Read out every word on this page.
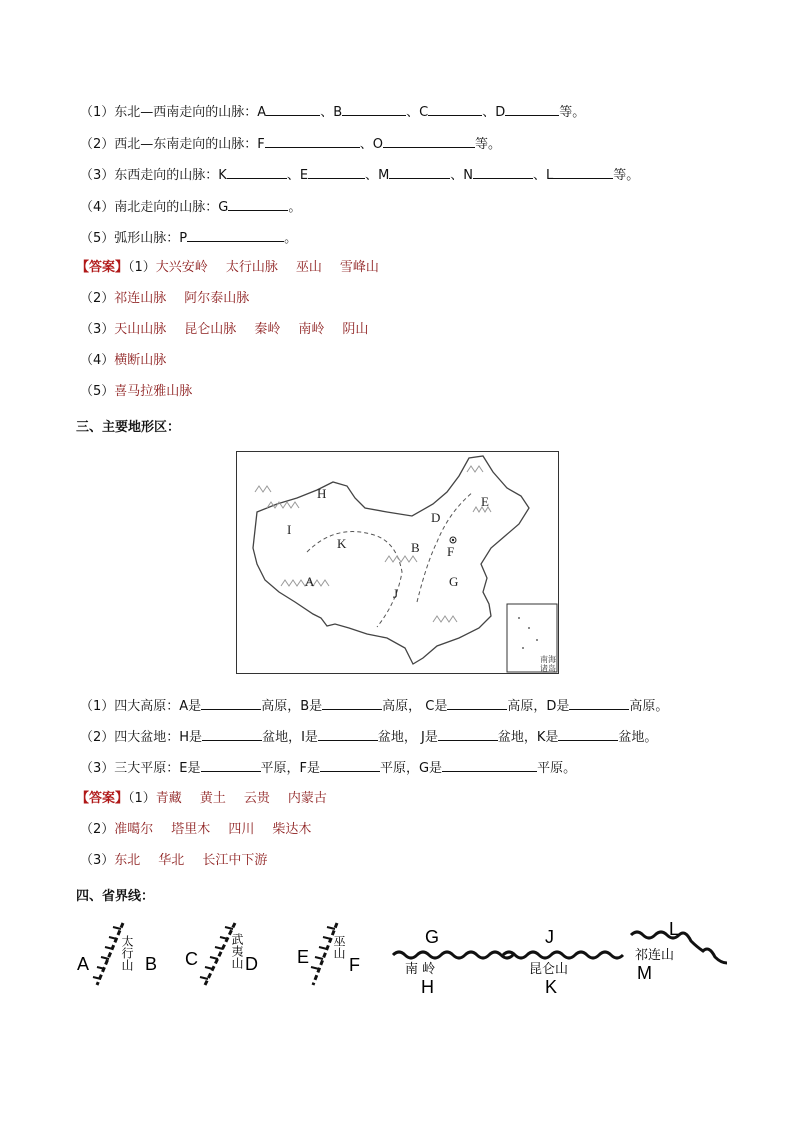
（1）东北—西南走向的山脉：A	、B	、C	、D	等。
（2）西北—东南走向的山脉：F	、O	等。
（3）东西走向的山脉：K	、E	、M	、N	、L	等。
（4）南北走向的山脉：G	。
（5）弧形山脉：P	。
【答案】（1）大兴安岭 太行山脉 巫山 雪峰山
（2）祁连山脉 阿尔泰山脉
（3）天山山脉 昆仑山脉 秦岭 南岭 阴山
（4）横断山脉
（5）喜马拉雅山脉
三、主要地形区：
H
E
D
I
K	B F
A
J
G
南海
诸岛
（1）四大高原：A是	高原，B是	高原， C是	高原，D是	高原。
（2）四大盆地：H是	盆地，I是	盆地， J是	盆地，K是	盆地。
（3）三大平原：E是	平原，F是	平原，G是	平原。
【答案】（1）青藏 黄土 云贵 内蒙古
（2）准噶尔 塔里木 四川 柴达木
（3）东北 华北 长江中下游
四、省界线：
A	B
太行山	C	D
武夷山	E F
巫山	G
南 岭
H
J
昆仑山
K
L
祁连山
M
